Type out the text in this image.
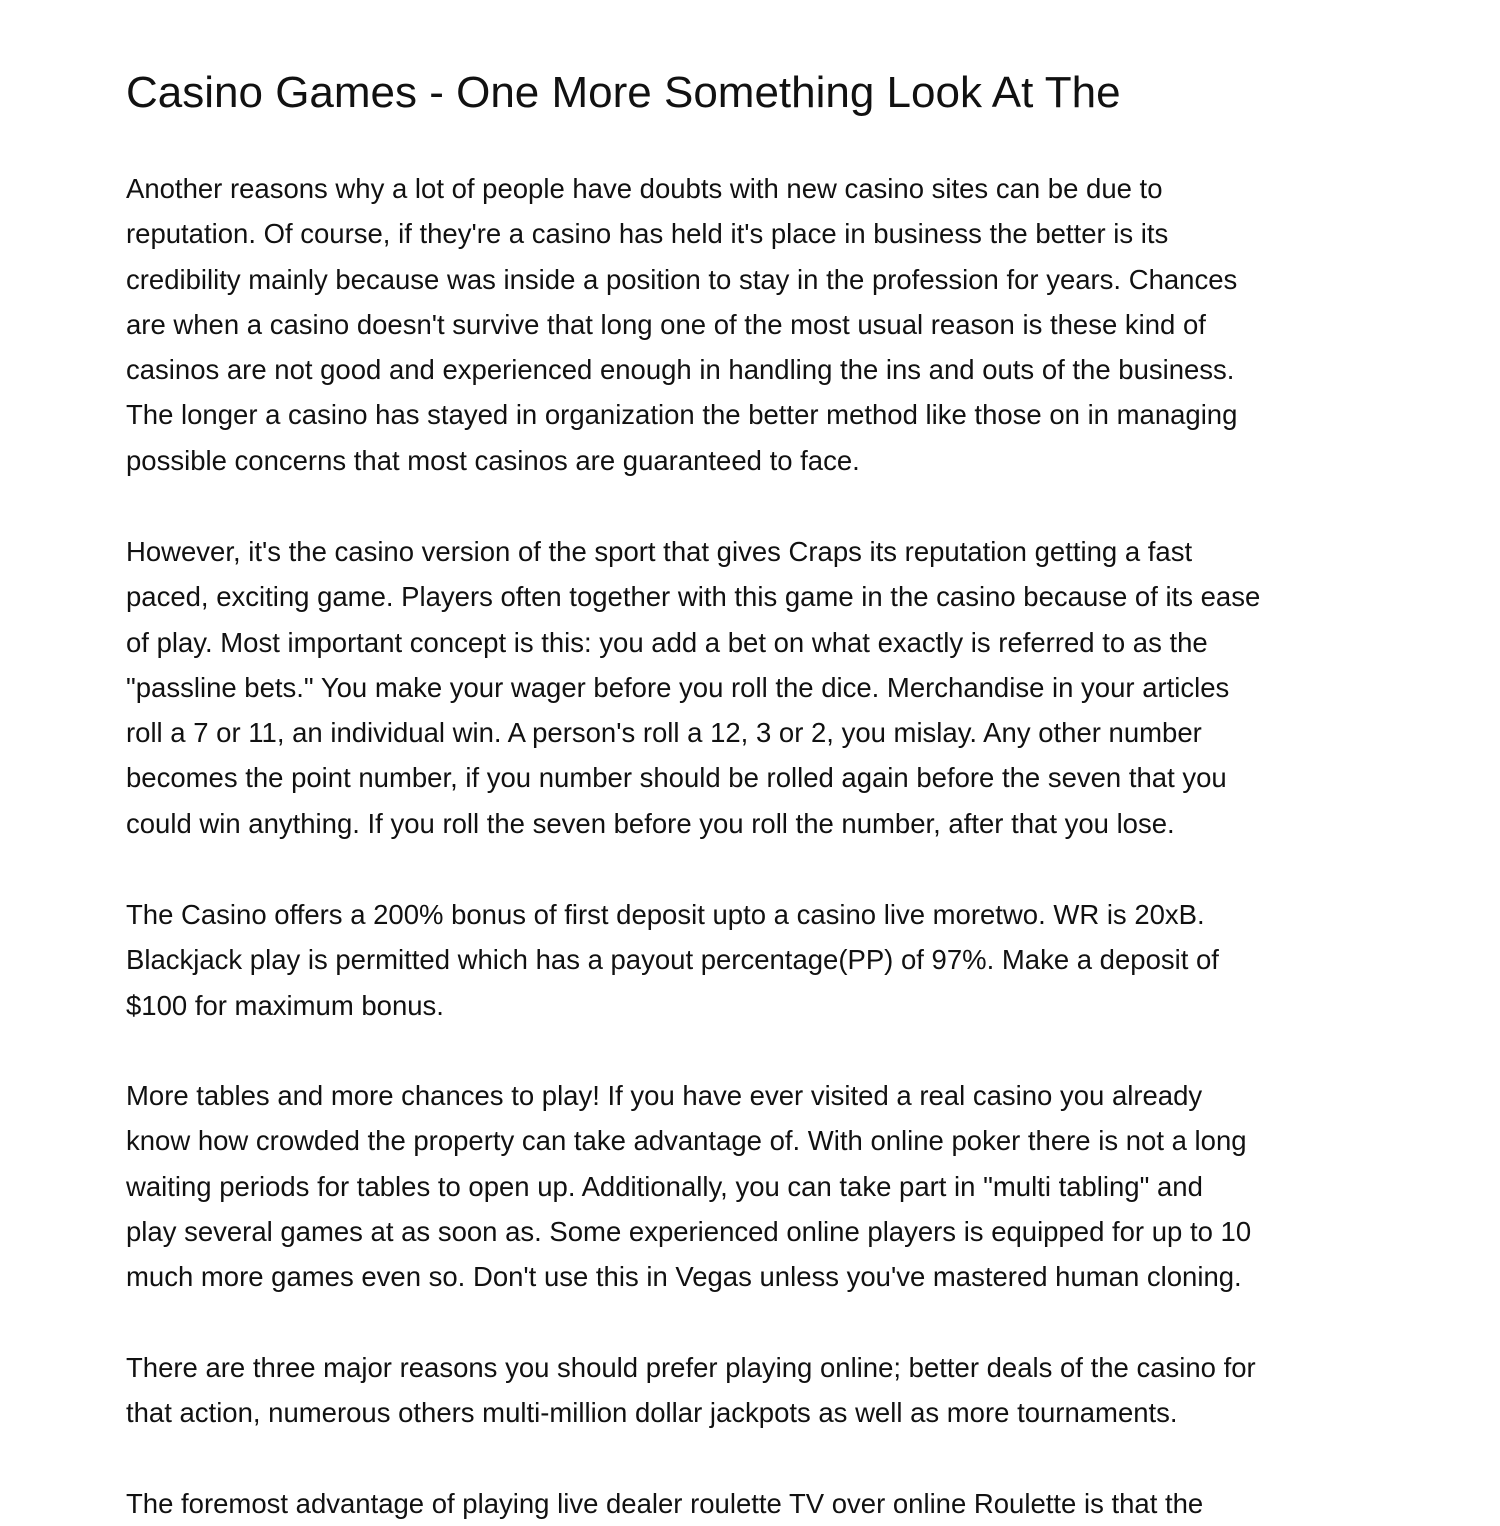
Casino Games - One More Something Look At The
Another reasons why a lot of people have doubts with new casino sites can be due to
reputation. Of course, if they're a casino has held it's place in business the better is its
credibility mainly because was inside a position to stay in the profession for years. Chances
are when a casino doesn't survive that long one of the most usual reason is these kind of
casinos are not good and experienced enough in handling the ins and outs of the business.
The longer a casino has stayed in organization the better method like those on in managing
possible concerns that most casinos are guaranteed to face.
However, it's the casino version of the sport that gives Craps its reputation getting a fast
paced, exciting game. Players often together with this game in the casino because of its ease
of play. Most important concept is this: you add a bet on what exactly is referred to as the
"passline bets." You make your wager before you roll the dice. Merchandise in your articles
roll a 7 or 11, an individual win. A person's roll a 12, 3 or 2, you mislay. Any other number
becomes the point number, if you number should be rolled again before the seven that you
could win anything. If you roll the seven before you roll the number, after that you lose.
The Casino offers a 200% bonus of first deposit upto a casino live moretwo. WR is 20xB.
Blackjack play is permitted which has a payout percentage(PP) of 97%. Make a deposit of
$100 for maximum bonus.
More tables and more chances to play! If you have ever visited a real casino you already
know how crowded the property can take advantage of. With online poker there is not a long
waiting periods for tables to open up. Additionally, you can take part in "multi tabling" and
play several games at as soon as. Some experienced online players is equipped for up to 10
much more games even so. Don't use this in Vegas unless you've mastered human cloning.
There are three major reasons you should prefer playing online; better deals of the casino for
that action, numerous others multi-million dollar jackpots as well as more tournaments.
The foremost advantage of playing live dealer roulette TV over online Roulette is that the
